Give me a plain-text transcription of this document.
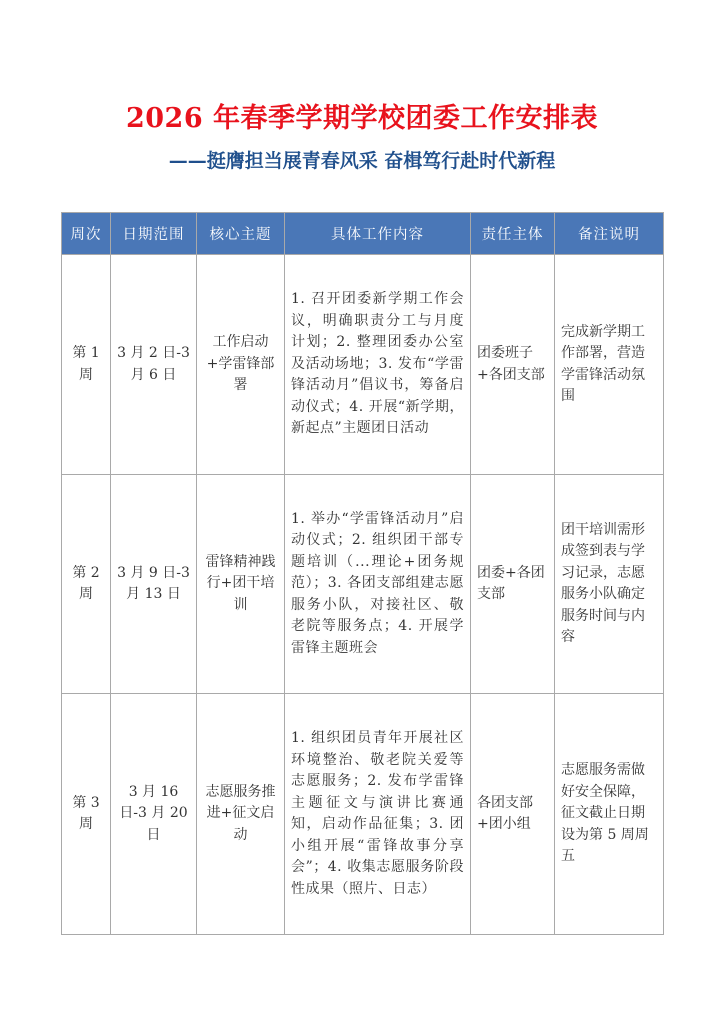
2026 年春季学期学校团委工作安排表
——挺膺担当展青春风采 奋楫笃行赴时代新程
周次	日期范围	核心主题	具体工作内容	责任主体	备注说明
第 1 周	3 月 2 日-3 月 6 日	工作启动+学雷锋部署	1. 召开团委新学期工作会议，明确职责分工与月度计划；2. 整理团委办公室及活动场地；3. 发布“学雷锋活动月”倡议书，筹备启动仪式；4. 开展“新学期，新起点”主题团日活动	团委班子+各团支部	完成新学期工作部署，营造学雷锋活动氛围
第 2 周	3 月 9 日-3 月 13 日	雷锋精神践行+团干培训	1. 举办“学雷锋活动月”启动仪式；2. 组织团干部专题培训（...理论+团务规范）；3. 各团支部组建志愿服务小队，对接社区、敬老院等服务点；4. 开展学雷锋主题班会	团委+各团支部	团干培训需形成签到表与学习记录，志愿服务小队确定服务时间与内容
第 3 周	3 月 16 日-3 月 20 日	志愿服务推进+征文启动	1. 组织团员青年开展社区环境整治、敬老院关爱等志愿服务；2. 发布学雷锋主题征文与演讲比赛通知，启动作品征集；3. 团小组开展“雷锋故事分享会”；4. 收集志愿服务阶段性成果（照片、日志）	各团支部+团小组	志愿服务需做好安全保障，征文截止日期设为第 5 周周五
